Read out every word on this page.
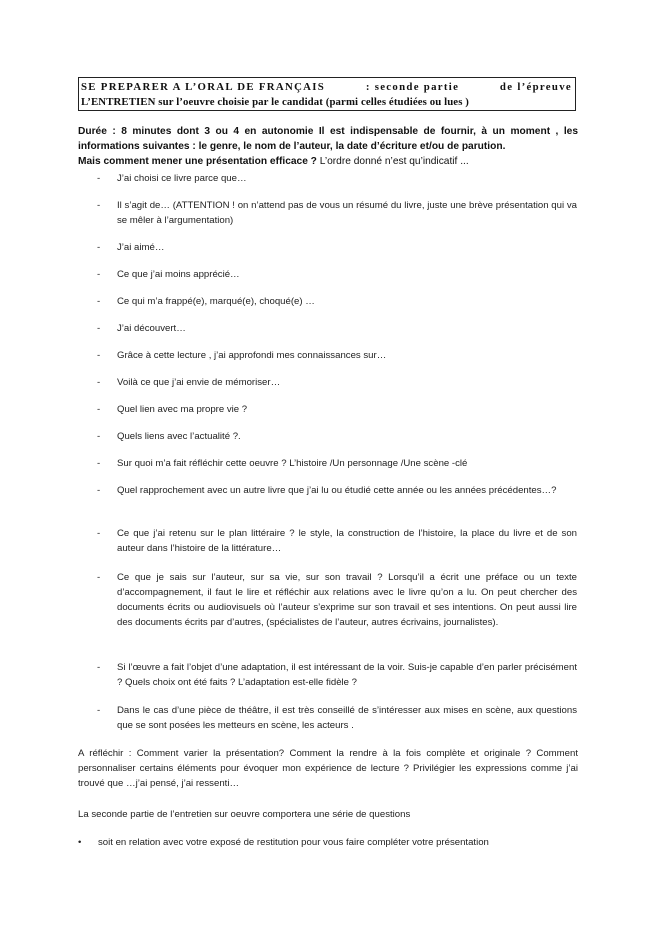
SE PREPARER A L’ORAL DE FRANÇAIS	: seconde partie	de l’épreuve
L’ENTRETIEN sur l’oeuvre choisie par le candidat (parmi celles étudiées ou lues )
Durée : 8 minutes dont 3 ou 4 en autonomie Il est indispensable de fournir, à un moment , les
informations suivantes : le genre, le nom de l’auteur, la date d’écriture et/ou de parution.
Mais comment mener une présentation efficace ? L’ordre donné n’est qu’indicatif ...
- J’ai choisi ce livre parce que…
- Il s’agit de… (ATTENTION ! on n’attend pas de vous un résumé du livre, juste une brève présentation qui va se mêler à l’argumentation)
- J’ai aimé…
- Ce que j’ai moins apprécié…
- Ce qui m’a frappé(e), marqué(e), choqué(e) …
- J’ai découvert…
- Grâce à cette lecture , j’ai approfondi mes connaissances sur…
- Voilà ce que j’ai envie de mémoriser…
- Quel lien avec ma propre vie ?
- Quels liens avec l’actualité ?.
- Sur quoi m’a fait réfléchir cette oeuvre ? L’histoire /Un personnage /Une scène -clé
- Quel rapprochement avec un autre livre que j’ai lu ou étudié cette année ou les années précédentes…?
- Ce que j’ai retenu sur le plan littéraire ? le style, la construction de l’histoire, la place du livre et de son auteur dans l’histoire de la littérature…
- Ce que je sais sur l’auteur, sur sa vie, sur son travail ? Lorsqu’il a écrit une préface ou un texte d’accompagnement, il faut le lire et réfléchir aux relations avec le livre qu’on a lu. On peut chercher des documents écrits ou audiovisuels où l’auteur s’exprime sur son travail et ses intentions. On peut aussi lire des documents écrits par d’autres, (spécialistes de l’auteur, autres écrivains, journalistes).
- Si l’œuvre a fait l’objet d’une adaptation, il est intéressant de la voir. Suis-je capable d’en parler précisément ? Quels choix ont été faits ? L’adaptation est-elle fidèle ?
- Dans le cas d’une pièce de théâtre, il est très conseillé de s’intéresser aux mises en scène, aux questions que se sont posées les metteurs en scène, les acteurs .
A réfléchir : Comment varier la présentation? Comment la rendre à la fois complète et originale ? Comment personnaliser certains éléments pour évoquer mon expérience de lecture ? Privilégier les expressions comme j’ai trouvé que …j’ai pensé, j’ai ressenti…
La seconde partie de l’entretien sur oeuvre comportera une série de questions
• soit en relation avec votre exposé de restitution pour vous faire compléter votre présentation
